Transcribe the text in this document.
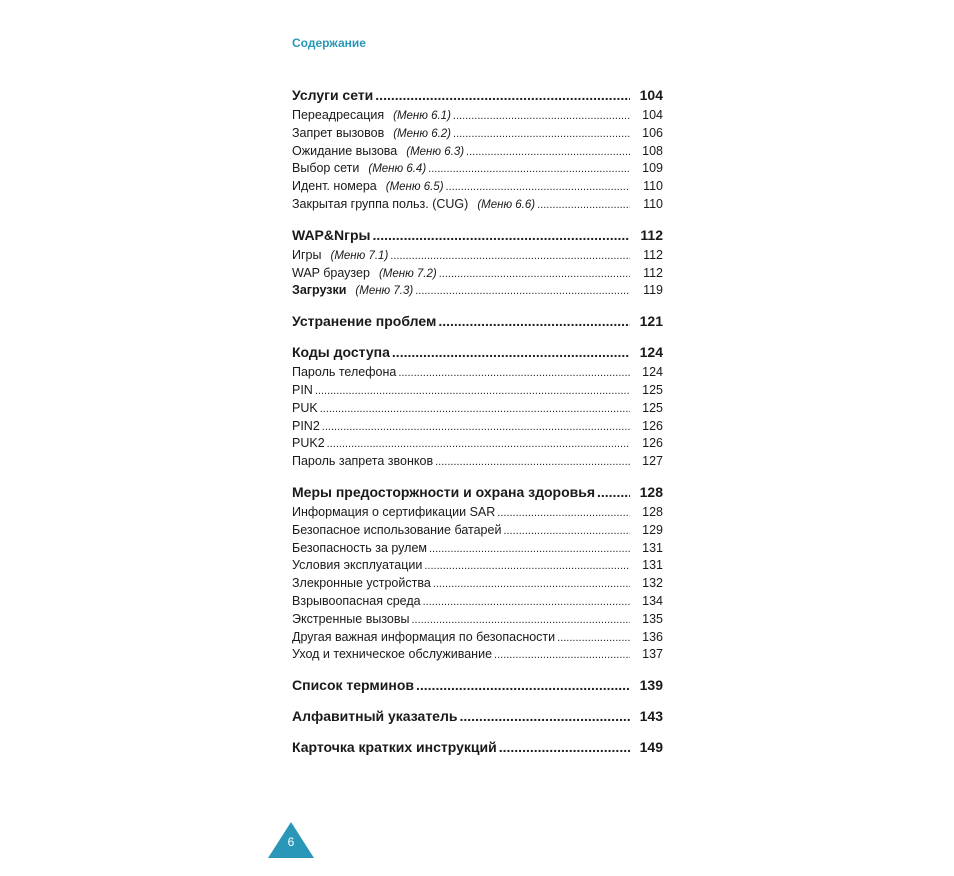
Содержание
Услуги сети .....	104
Переадресация (Меню 6.1) .....	104
Запрет вызовов (Меню 6.2) .....	106
Ожидание вызова (Меню 6.3) .....	108
Выбор сети (Меню 6.4) .....	109
Идент. номера (Меню 6.5) .....	110
Закрытая группа польз. (CUG) (Меню 6.6) .....	110
WAP&Nгры .....	112
Игры (Меню 7.1) .....	112
WAP браузер (Меню 7.2) .....	112
Загрузки (Меню 7.3) .....	119
Устранение проблем .....	121
Коды доступа .....	124
Пароль телефона .....	124
PIN .....	125
PUK .....	125
PIN2 .....	126
PUK2 .....	126
Пароль запрета звонков .....	127
Меры предосторжности и охрана здоровья .....	128
Информация о сертификации SAR .....	128
Безопасное использование батарей .....	129
Безопасность за рулем .....	131
Условия эксплуатации .....	131
Злекронные устройства .....	132
Взрывоопасная среда .....	134
Экстренные вызовы .....	135
Другая важная информация по безопасности .....	136
Уход и техническое обслуживание .....	137
Список терминов .....	139
Алфавитный указатель .....	143
Карточка кратких инструкций .....	149
6
